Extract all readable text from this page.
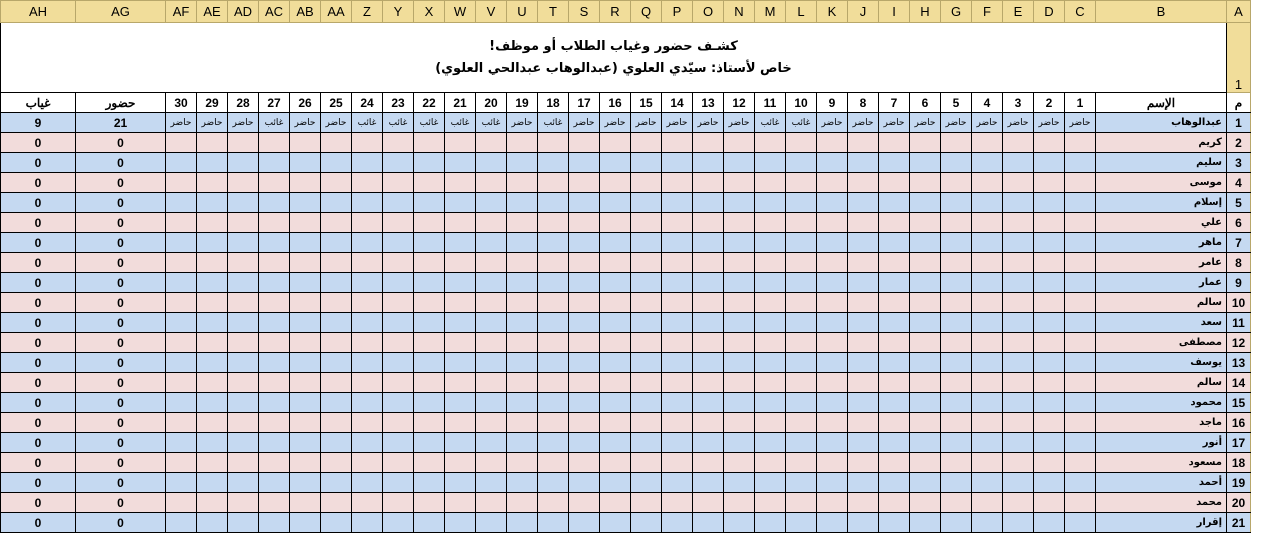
AH	AG	AF	AE	AD	AC	AB	AA	Z	Y	X	W	V	U	T	S	R	Q	P	O	N	M	L	K	J	I	H	G	F	E	D	C	B	A	

كشـف حضور وغياب الطلاب أو موظف!
خاص لأستاذ: سيّدي العلوي (عبدالوهاب عبدالحي العلوي)																																	1	
غياب	حضور	30	29	28	27	26	25	24	23	22	21	20	19	18	17	16	15	14	13	12	11	10	9	8	7	6	5	4	3	2	1	الإسم	م	
9	21	حاضر	حاضر	حاضر	غائب	حاضر	حاضر	غائب	غائب	غائب	غائب	غائب	حاضر	غائب	حاضر	حاضر	حاضر	حاضر	حاضر	حاضر	غائب	غائب	حاضر	حاضر	حاضر	حاضر	حاضر	حاضر	حاضر	حاضر	حاضر	عبدالوهاب	1	
0	0																															كريم	2	
0	0																															سليم	3	
0	0																															موسى	4	
0	0																															إسلام	5	
0	0																															علي	6	
0	0																															ماهر	7	
0	0																															عامر	8	
0	0																															عمار	9	
0	0																															سالم	10	
0	0																															سعد	11	
0	0																															مصطفى	12	
0	0																															يوسف	13	
0	0																															سالم	14	
0	0																															محمود	15	
0	0																															ماجد	16	
0	0																															أنور	17	
0	0																															مسعود	18	
0	0																															أحمد	19	
0	0																															محمد	20	
0	0																															إقرار	21	
